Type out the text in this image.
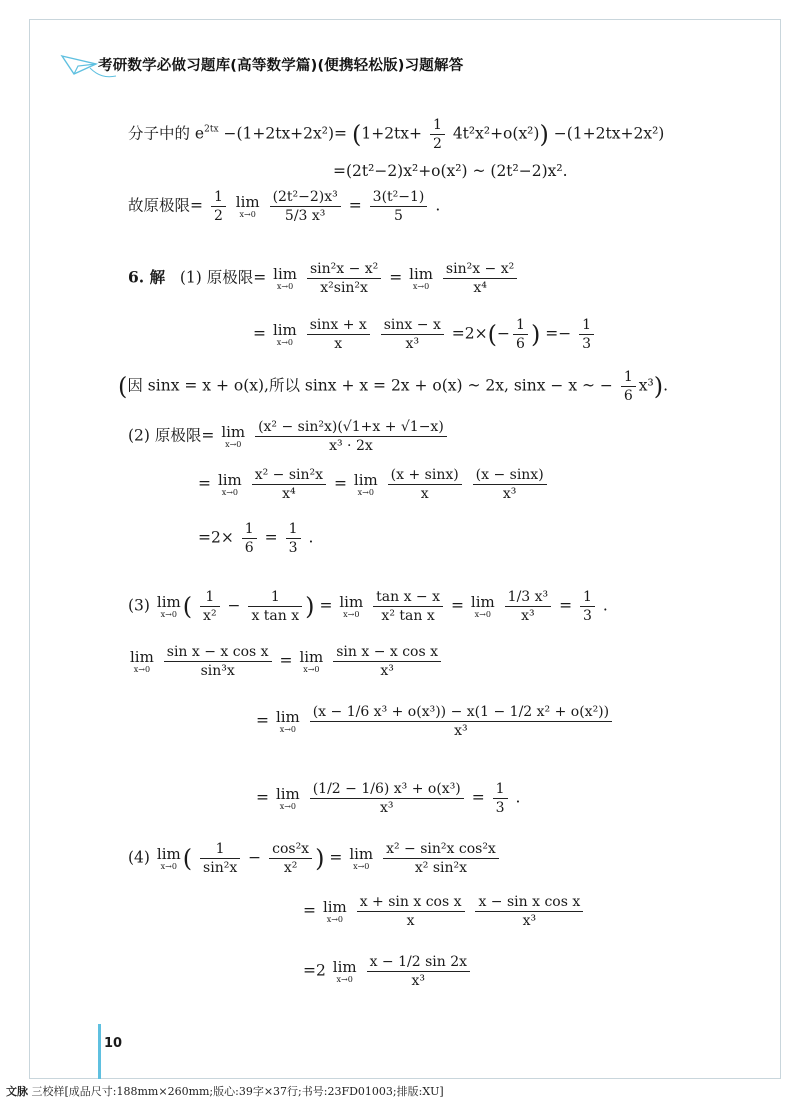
考研数学必做习题库(高等数学篇)(便携轻松版)习题解答
分子中的 $e^{2tx} -(1+2tx+2x^2)= (1+2tx+ \frac{1}{2} 4t^2x^2+o(x^2)) -(1+2tx+2x^2)$
=(2t²−2)x²+o(x²) ~ (2t²−2)x².
故原极限= $\frac{1}{2}$
lim
x→0
$\frac{\text{(2t²−2)x³}}{\text{5/3 x³}} = \frac{\text{3(t²−1)}}{5}$ .
6. 解 (1) 原极限= lim
x→0
$\frac{\text{sin²x − x²}}{\text{x²sin²x}} = \lim$
x→0
$\frac{\text{sin²x − x²}}{\text{x⁴}}$
= lim
x→0
$\frac{\sin x + x}{x}$
$\frac{\sin x - x}{\text{x³}} =2\times(- \frac{1}{6}$ ) =− $\frac{1}{3}$
(因 sinx = x + o(x),所以 sinx + x = 2x + o(x) ~ 2x, sinx − x ~ − $\frac{1}{6} x^3$).
(2) 原极限= lim
x→0
$\frac{\text{(x² − sin²x)(√1+x + √1−x)}}{\text{x³ · 2x}}$
= lim
x→0
$\frac{\text{x² − sin²x}}{\text{x⁴}} = \lim$
x→0
$\frac{(x + \sin x)}{x}$
$\frac{(x - \sin x)}{\text{x³}}$
$=2\times \frac{1}{6} = \frac{1}{3}$ .
(3) lim
x→0 ( $\frac{1}{\text{x²}} - \frac{1}{\text{x tan x}}$ ) = lim
x→0
$\frac{\text{tan x − x}}{\text{x² tan x}} = \lim$
x→0
$\frac{\text{1/3 x³}}{\text{x³}} = \frac{1}{3}$ .
lim
x→0
$\frac{\text{sin x − x cos x}}{\text{sin³x}} = \lim$
x→0
$\frac{\text{sin x − x cos x}}{\text{x³}}$
= lim
x→0
$\frac{\text{(x − 1/6 x³ + o(x³)) − x(1 − 1/2 x² + o(x²))}}{\text{x³}}$
= lim
x→0
$\frac{\text{(1/2 − 1/6) x³ + o(x³)}}{\text{x³}} = \frac{1}{3}$ .
(4) lim
x→0 ( $\frac{1}{\text{sin²x}} - \frac{\text{cos²x}}{\text{x²}}$ ) = lim
x→0
$\frac{\text{x² − sin²x cos²x}}{\text{x² sin²x}}$
= lim
x→0
$\frac{\text{x + sin x cos x}}{x}$
$\frac{\text{x − sin x cos x}}{\text{x³}}$
=2 lim
x→0
$\frac{x - 1/2 \sin 2x}{\text{x³}}$
10
文脉 三校样[成品尺寸:188mm×260mm;版心:39字×37行;书号:23FD01003;排版:XU]
